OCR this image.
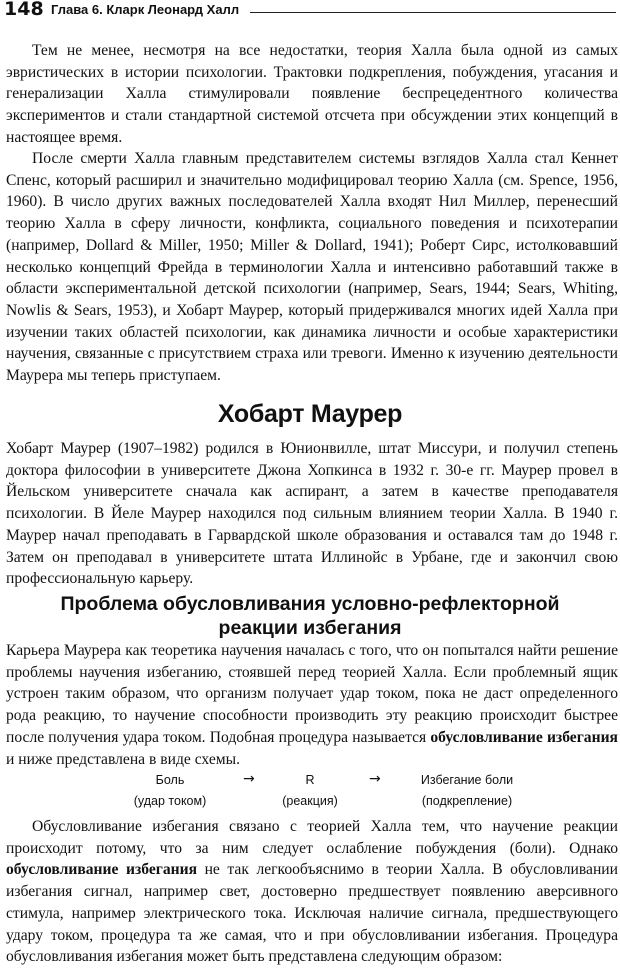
148 Глава 6. Кларк Леонард Халл

Тем не менее, несмотря на все недостатки, теория Халла была одной из самых эвристических в истории психологии. Трактовки подкрепления, побуждения, угасания и генерализации Халла стимулировали появление беспрецедентного количества экспериментов и стали стандартной системой отсчета при обсуждении этих концепций в настоящее время.

После смерти Халла главным представителем системы взглядов Халла стал Кеннет Спенс, который расширил и значительно модифицировал теорию Халла (см. Spence, 1956, 1960). В число других важных последователей Халла входят Нил Миллер, перенесший теорию Халла в сферу личности, конфликта, социального поведения и психотерапии (например, Dollard & Miller, 1950; Miller & Dollard, 1941); Роберт Сирс, истолковавший несколько концепций Фрейда в терминологии Халла и интенсивно работавший также в области экспериментальной детской психологии (например, Sears, 1944; Sears, Whiting, Nowlis & Sears, 1953), и Хобарт Маурер, который придерживался многих идей Халла при изучении таких областей психологии, как динамика личности и особые характеристики научения, связанные с присутствием страха или тревоги. Именно к изучению деятельности Маурера мы теперь приступаем.

Хобарт Маурер

Хобарт Маурер (1907–1982) родился в Юнионвилле, штат Миссури, и получил степень доктора философии в университете Джона Хопкинса в 1932 г. 30-е гг. Маурер провел в Йельском университете сначала как аспирант, а затем в качестве преподавателя психологии. В Йеле Маурер находился под сильным влиянием теории Халла. В 1940 г. Маурер начал преподавать в Гарвардской школе образования и оставался там до 1948 г. Затем он преподавал в университете штата Иллинойс в Урбане, где и закончил свою профессиональную карьеру.

Проблема обусловливания условно-рефлекторной
реакции избегания

Карьера Маурера как теоретика научения началась с того, что он попытался найти решение проблемы научения избеганию, стоявшей перед теорией Халла. Если проблемный ящик устроен таким образом, что организм получает удар током, пока не даст определенного рода реакцию, то научение способности производить эту реакцию происходит быстрее после получения удара током. Подобная процедура называется обусловливание избегания и ниже представлена в виде схемы.

Боль
(удар током)
→	R
(реакция)
→	Избегание боли
(подкрепление)

Обусловливание избегания связано с теорией Халла тем, что научение реакции происходит потому, что за ним следует ослабление побуждения (боли). Однако обусловливание избегания не так легкообъяснимо в теории Халла. В обусловливании избегания сигнал, например свет, достоверно предшествует появлению аверсивного стимула, например электрического тока. Исключая наличие сигнала, предшествующего удару током, процедура та же самая, что и при обусловливании избегания. Процедура обусловливания избегания может быть представлена следующим образом:
